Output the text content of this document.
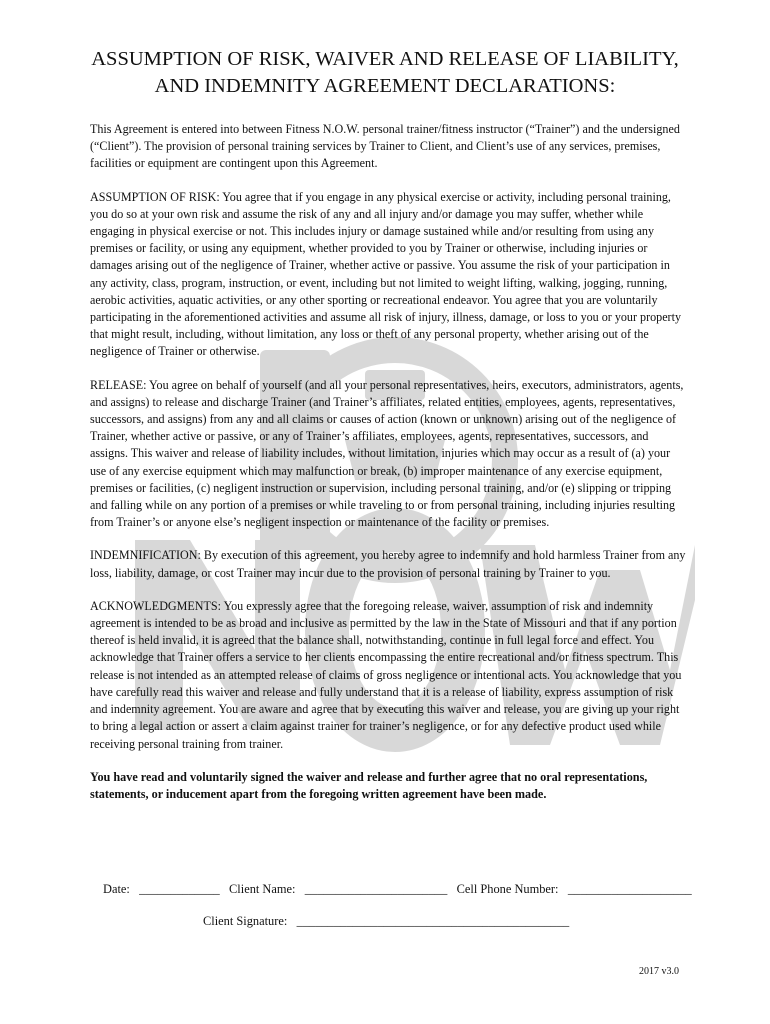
ASSUMPTION OF RISK, WAIVER AND RELEASE OF LIABILITY,
AND INDEMNITY AGREEMENT DECLARATIONS:

This Agreement is entered into between Fitness N.O.W. personal trainer/fitness instructor (“Trainer”) and the undersigned (“Client”). The provision of personal training services by Trainer to Client, and Client’s use of any services, premises, facilities or equipment are contingent upon this Agreement.

ASSUMPTION OF RISK: You agree that if you engage in any physical exercise or activity, including personal training, you do so at your own risk and assume the risk of any and all injury and/or damage you may suffer, whether while engaging in physical exercise or not. This includes injury or damage sustained while and/or resulting from using any premises or facility, or using any equipment, whether provided to you by Trainer or otherwise, including injuries or damages arising out of the negligence of Trainer, whether active or passive. You assume the risk of your participation in any activity, class, program, instruction, or event, including but not limited to weight lifting, walking, jogging, running, aerobic activities, aquatic activities, or any other sporting or recreational endeavor. You agree that you are voluntarily participating in the aforementioned activities and assume all risk of injury, illness, damage, or loss to you or your property that might result, including, without limitation, any loss or theft of any personal property, whether arising out of the negligence of Trainer or otherwise.

RELEASE: You agree on behalf of yourself (and all your personal representatives, heirs, executors, administrators, agents, and assigns) to release and discharge Trainer (and Trainer’s affiliates, related entities, employees, agents, representatives, successors, and assigns) from any and all claims or causes of action (known or unknown) arising out of the negligence of Trainer, whether active or passive, or any of Trainer’s affiliates, employees, agents, representatives, successors, and assigns. This waiver and release of liability includes, without limitation, injuries which may occur as a result of (a) your use of any exercise equipment which may malfunction or break, (b) improper maintenance of any exercise equipment, premises or facilities, (c) negligent instruction or supervision, including personal training, and/or (e) slipping or tripping and falling while on any portion of a premises or while traveling to or from personal training, including injuries resulting from Trainer’s or anyone else’s negligent inspection or maintenance of the facility or premises.

INDEMNIFICATION: By execution of this agreement, you hereby agree to indemnify and hold harmless Trainer from any loss, liability, damage, or cost Trainer may incur due to the provision of personal training by Trainer to you.

ACKNOWLEDGMENTS: You expressly agree that the foregoing release, waiver, assumption of risk and indemnity agreement is intended to be as broad and inclusive as permitted by the law in the State of Missouri and that if any portion thereof is held invalid, it is agreed that the balance shall, notwithstanding, continue in full legal force and effect. You acknowledge that Trainer offers a service to her clients encompassing the entire recreational and/or fitness spectrum. This release is not intended as an attempted release of claims of gross negligence or intentional acts. You acknowledge that you have carefully read this waiver and release and fully understand that it is a release of liability, express assumption of risk and indemnity agreement. You are aware and agree that by executing this waiver and release, you are giving up your right to bring a legal action or assert a claim against trainer for trainer’s negligence, or for any defective product used while receiving personal training from trainer.

You have read and voluntarily signed the waiver and release and further agree that no oral representations, statements, or inducement apart from the foregoing written agreement have been made.

Date: _____________ Client Name: _______________________ Cell Phone Number: ____________________
Client Signature: ____________________________________________
2017 v3.0
